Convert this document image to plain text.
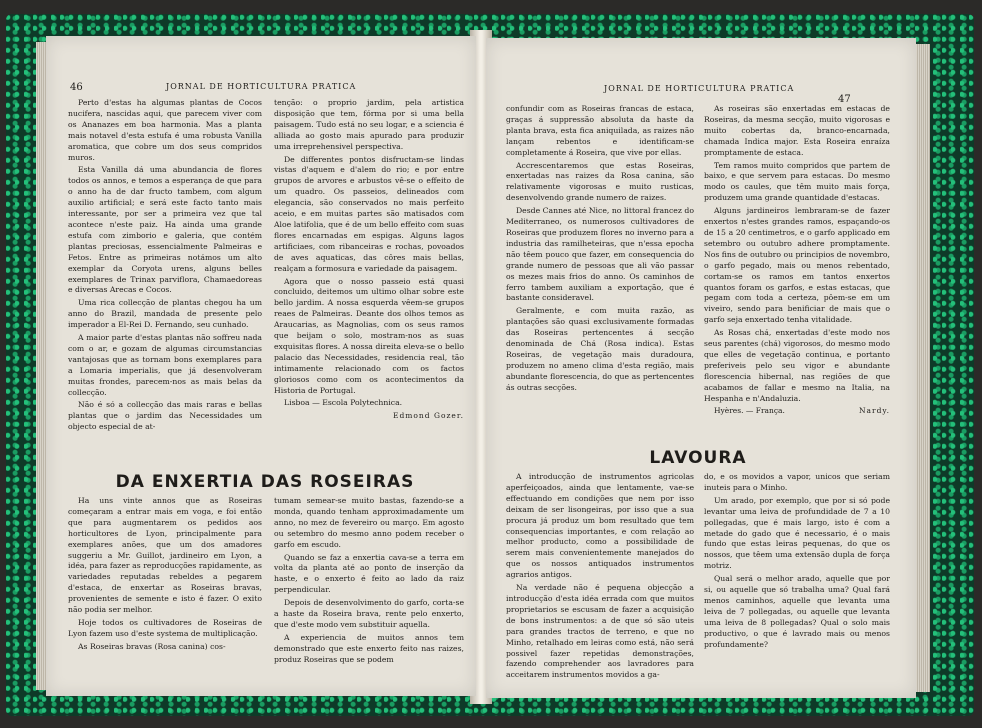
46	JORNAL DE HORTICULTURA PRATICA

Perto d'estas ha algumas plantas de Cocos nucifera, nascidas aqui, que parecem viver com os Ananazes em boa harmonia. Mas a planta mais notavel d'esta estufa é uma robusta Vanilla aromatica, que cobre um dos seus compridos muros.

Esta Vanilla dá uma abundancia de flores todos os annos, e temos a esperança de que para o anno ha de dar fructo tambem, com algum auxilio artificial; e será este facto tanto mais interessante, por ser a primeira vez que tal acontece n'este paiz. Ha ainda uma grande estufa com zimborio e galeria, que contém plantas preciosas, essencialmente Palmeiras e Fetos. Entre as primeiras notámos um alto exemplar da Coryota urens, alguns belles exemplares de Trinax parviflora, Chamaedoreas e diversas Arecas e Cocos.

Uma rica collecção de plantas chegou ha um anno do Brazil, mandada de presente pelo imperador a El-Rei D. Fernando, seu cunhado.

A maior parte d'estas plantas não soffreu nada com o ar, e gozam de algumas circumstancias vantajosas que as tornam bons exemplares para a Lomaria imperialis, que já desenvolveram muitas frondes, parecem-nos as mais belas da collecção.

Não é só a collecção das mais raras e bellas plantas que o jardim das Necessidades um objecto especial de at-

tenção: o proprio jardim, pela artistica disposição que tem, fórma por si uma bella paisagem. Tudo está no seu logar, e a sciencia é alliada ao gosto mais apurado para produzir uma irreprehensivel perspectiva.

De differentes pontos disfructam-se lindas vistas d'aquem e d'alem do rio; e por entre grupos de arvores e arbustos vê-se o effeito de um quadro. Os passeios, delineados com elegancia, são conservados no mais perfeito aceio, e em muitas partes são matisados com Aloe latifolia, que é de um bello effeito com suas flores encarnadas em espigas. Alguns lagos artificiaes, com ribanceiras e rochas, povoados de aves aquaticas, das côres mais bellas, realçam a formosura e variedade da paisagem.

Agora que o nosso passeio está quasi concluido, deitemos um ultimo olhar sobre este bello jardim. A nossa esquerda vêem-se grupos reaes de Palmeiras. Deante dos olhos temos as Araucarias, as Magnolias, com os seus ramos que beijam o solo, mostram-nos as suas exquisitas flores. A nossa direita eleva-se o bello palacio das Necessidades, residencia real, tão intimamente relacionado com os factos gloriosos como com os acontecimentos da Historia de Portugal.

Lisboa — Escola Polytechnica.

Edmond Gozer.
DA ENXERTIA DAS ROSEIRAS

Ha uns vinte annos que as Roseiras começaram a entrar mais em voga, e foi então que para augmentarem os pedidos aos horticultores de Lyon, principalmente para exemplares anões, que um dos amadores suggeriu a Mr. Guillot, jardineiro em Lyon, a idéa, para fazer as reproducções rapidamente, as variedades reputadas rebeldes a pegarem d'estaca, de enxertar as Roseiras bravas, provenientes de semente e isto é fazer. O exito não podia ser melhor.

Hoje todos os cultivadores de Roseiras de Lyon fazem uso d'este systema de multiplicação.

As Roseiras bravas (Rosa canina) cos-

tumam semear-se muito bastas, fazendo-se a monda, quando tenham approximadamente um anno, no mez de fevereiro ou março. Em agosto ou setembro do mesmo anno podem receber o garfo em escudo.

Quando se faz a enxertia cava-se a terra em volta da planta até ao ponto de inserção da haste, e o enxerto é feito ao lado da raiz perpendicular.

Depois de desenvolvimento do garfo, corta-se a haste da Roseira brava, rente pelo enxerto, que d'este modo vem substituir aquella.

A experiencia de muitos annos tem demonstrado que este enxerto feito nas raizes, produz Roseiras que se podem

JORNAL DE HORTICULTURA PRATICA
47

confundir com as Roseiras francas de estaca, graças á suppressão absoluta da haste da planta brava, esta fica aniquilada, as raizes não lançam rebentos e identificam-se completamente á Roseira, que vive por ellas.

Accrescentaremos que estas Roseiras, enxertadas nas raizes da Rosa canina, são relativamente vigorosas e muito rusticas, desenvolvendo grande numero de raizes.

Desde Cannes até Nice, no littoral francez do Mediterraneo, os numerosos cultivadores de Roseiras que produzem flores no inverno para a industria das ramilheteiras, que n'essa epocha não têem pouco que fazer, em consequencia do grande numero de pessoas que ali vão passar os mezes mais frios do anno. Os caminhos de ferro tambem auxiliam a exportação, que é bastante consideravel.

Geralmente, e com muita razão, as plantações são quasi exclusivamente formadas das Roseiras pertencentes á secção denominada de Chá (Rosa indica). Estas Roseiras, de vegetação mais duradoura, produzem no ameno clima d'esta região, mais abundante florescencia, do que as pertencentes ás outras secções.

As roseiras são enxertadas em estacas de Roseiras, da mesma secção, muito vigorosas e muito cobertas da, branco-encarnada, chamada Indica major. Esta Roseira enraíza promptamente de estaca.

Tem ramos muito compridos que partem de baixo, e que servem para estacas. Do mesmo modo os caules, que têm muito mais força, produzem uma grande quantidade d'estacas.

Alguns jardineiros lembraram-se de fazer enxertos n'estes grandes ramos, espaçando-os de 15 a 20 centimetros, e o garfo applicado em setembro ou outubro adhere promptamente. Nos fins de outubro ou principios de novembro, o garfo pegado, mais ou menos rebentado, cortam-se os ramos em tantos enxertos quantos foram os garfos, e estas estacas, que pegam com toda a certeza, pôem-se em um viveiro, sendo para benificiar de mais que o garfo seja enxertado tenha vitalidade.

As Rosas chá, enxertadas d'este modo nos seus parentes (chá) vigorosos, do mesmo modo que elles de vegetação continua, e portanto preferiveis pelo seu vigor e abundante florescencia hibernal, nas regiões de que acabamos de fallar e mesmo na Italia, na Hespanha e n'Andaluzia.

Hyères. — França.	Nardy.
LAVOURA

A introducção de instrumentos agricolas aperfeiçoados, ainda que lentamente, vae-se effectuando em condições que nem por isso deixam de ser lisongeiras, por isso que a sua procura já produz um bom resultado que tem consequencias importantes, e com relação ao melhor producto, como a possibilidade de serem mais convenientemente manejados do que os nossos antiquados instrumentos agrarios antigos.

Na verdade não é pequena objecção a introducção d'esta idéa errada com que muitos proprietarios se escusam de fazer a acquisição de bons instrumentos: a de que só são uteis para grandes tractos de terreno, e que no Minho, retalhado em leiras como está, não será possivel fazer repetidas demonstrações, fazendo comprehender aos lavradores para acceitarem instrumentos movidos a ga-

do, e os movidos a vapor, unicos que seriam inuteis para o Minho.

Um arado, por exemplo, que por si só pode levantar uma leiva de profundidade de 7 a 10 pollegadas, que é mais largo, isto é com a metade do gado que é necessario, é o mais fundo que estas leiras pequenas, do que os nossos, que têem uma extensão dupla de força motriz.

Qual será o melhor arado, aquelle que por si, ou aquelle que só trabalha uma? Qual fará menos caminhos, aquelle que levanta uma leiva de 7 pollegadas, ou aquelle que levanta uma leiva de 8 pollegadas? Qual o solo mais productivo, o que é lavrado mais ou menos profundamente?
